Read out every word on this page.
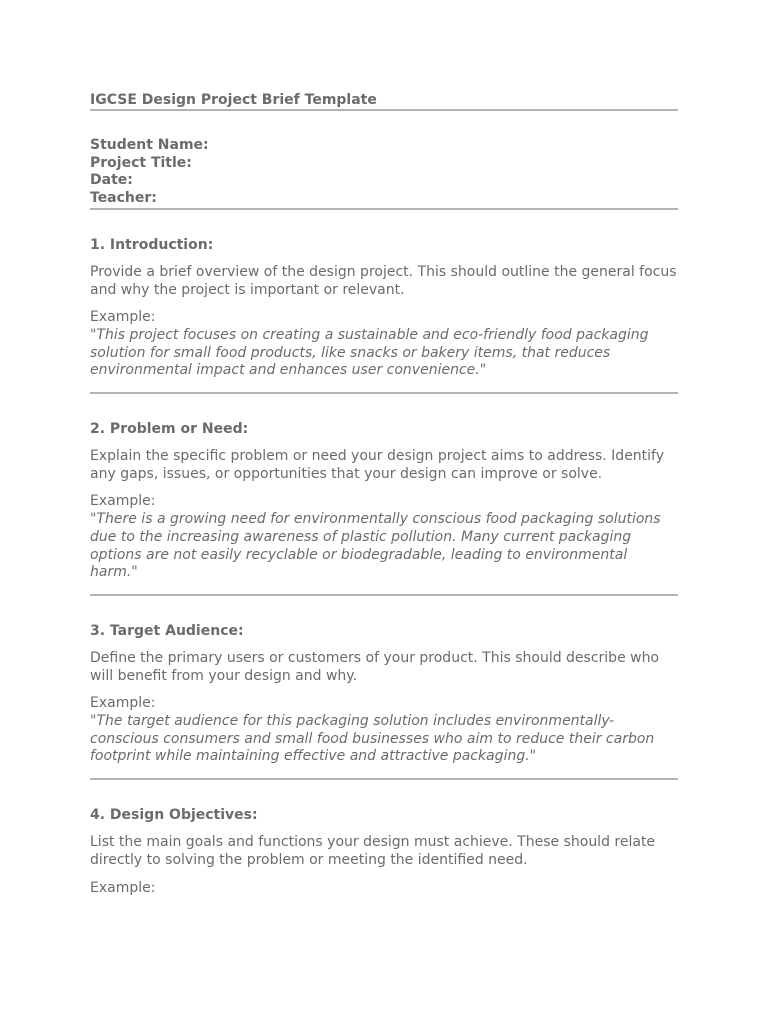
IGCSE Design Project Brief Template
Student Name:
Project Title:
Date:
Teacher:
1. Introduction:

Provide a brief overview of the design project. This should outline the general focus and why the project is important or relevant.

Example:

"This project focuses on creating a sustainable and eco-friendly food packaging solution for small food products, like snacks or bakery items, that reduces environmental impact and enhances user convenience."

2. Problem or Need:

Explain the specific problem or need your design project aims to address. Identify any gaps, issues, or opportunities that your design can improve or solve.

Example:

"There is a growing need for environmentally conscious food packaging solutions due to the increasing awareness of plastic pollution. Many current packaging options are not easily recyclable or biodegradable, leading to environmental harm."

3. Target Audience:

Define the primary users or customers of your product. This should describe who will benefit from your design and why.

Example:

"The target audience for this packaging solution includes environmentally-conscious consumers and small food businesses who aim to reduce their carbon footprint while maintaining effective and attractive packaging."

4. Design Objectives:

List the main goals and functions your design must achieve. These should relate directly to solving the problem or meeting the identified need.

Example:
